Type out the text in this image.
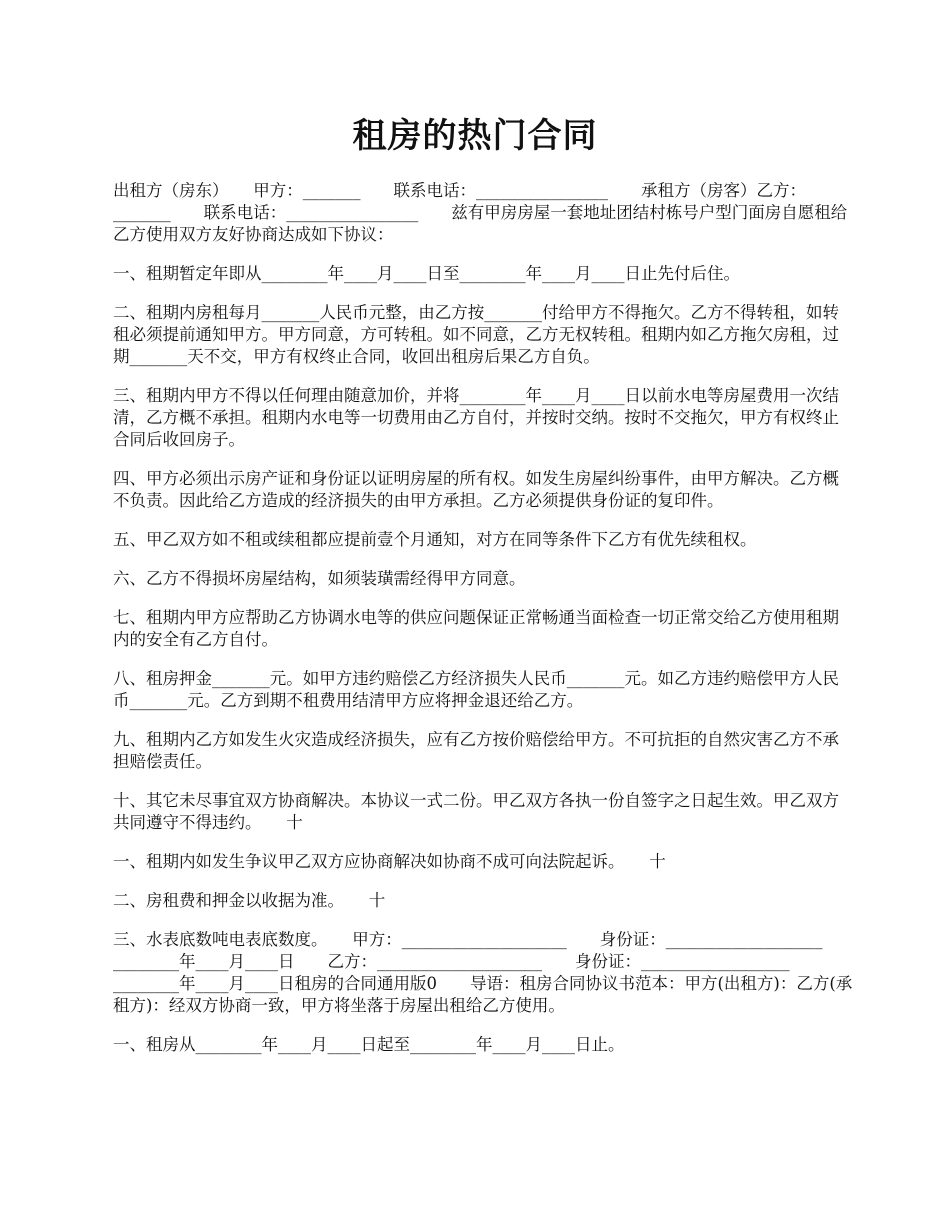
租房的热门合同

出租方（房东）　　甲方：_______　　联系电话：________________　　承租方（房客）乙方：_______　　联系电话：________________　　兹有甲房房屋一套地址团结村栋号户型门面房自愿租给乙方使用双方友好协商达成如下协议：

一、租期暂定年即从________年____月____日至________年____月____日止先付后住。

二、租期内房租每月_______人民币元整，由乙方按_______付给甲方不得拖欠。乙方不得转租，如转租必须提前通知甲方。甲方同意，方可转租。如不同意，乙方无权转租。租期内如乙方拖欠房租，过期_______天不交，甲方有权终止合同，收回出租房后果乙方自负。

三、租期内甲方不得以任何理由随意加价，并将________年____月____日以前水电等房屋费用一次结清，乙方概不承担。租期内水电等一切费用由乙方自付，并按时交纳。按时不交拖欠，甲方有权终止合同后收回房子。

四、甲方必须出示房产证和身份证以证明房屋的所有权。如发生房屋纠纷事件，由甲方解决。乙方概不负责。因此给乙方造成的经济损失的由甲方承担。乙方必须提供身份证的复印件。

五、甲乙双方如不租或续租都应提前壹个月通知，对方在同等条件下乙方有优先续租权。

六、乙方不得损坏房屋结构，如须装璜需经得甲方同意。

七、租期内甲方应帮助乙方协调水电等的供应问题保证正常畅通当面检查一切正常交给乙方使用租期内的安全有乙方自付。

八、租房押金_______元。如甲方违约赔偿乙方经济损失人民币_______元。如乙方违约赔偿甲方人民币_______元。乙方到期不租费用结清甲方应将押金退还给乙方。

九、租期内乙方如发生火灾造成经济损失，应有乙方按价赔偿给甲方。不可抗拒的自然灾害乙方不承担赔偿责任。

十、其它未尽事宜双方协商解决。本协议一式二份。甲乙双方各执一份自签字之日起生效。甲乙双方共同遵守不得违约。　　十

一、租期内如发生争议甲乙双方应协商解决如协商不成可向法院起诉。　　十

二、房租费和押金以收据为准。　　十

三、水表底数吨电表底数度。　　甲方：____________________　　身份证：___________________　　________年____月____日　　乙方：____________________　　身份证：__________________　　________年____月____日租房的合同通用版0　　导语：租房合同协议书范本：甲方(出租方)：乙方(承租方)：经双方协商一致，甲方将坐落于房屋出租给乙方使用。

一、租房从________年____月____日起至________年____月____日止。
